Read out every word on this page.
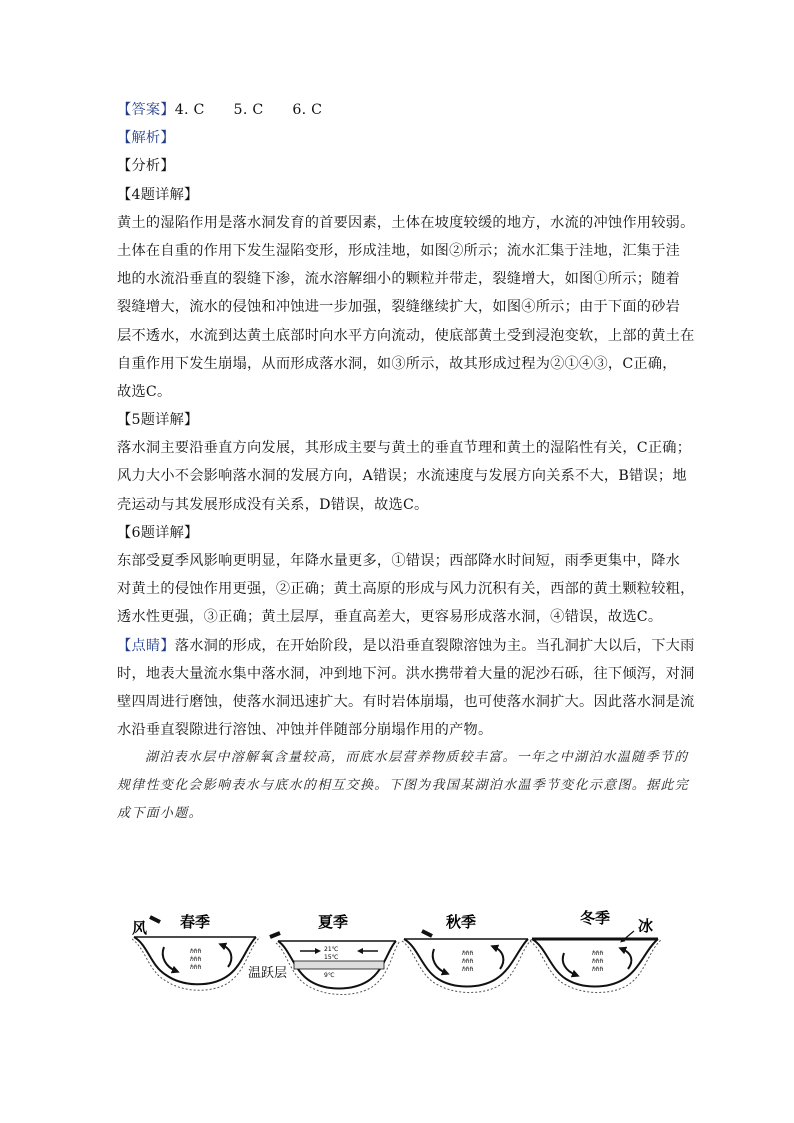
【答案】4. C　　5. C　　6. C
【解析】
【分析】
【4题详解】
黄土的湿陷作用是落水洞发育的首要因素，土体在坡度较缓的地方，水流的冲蚀作用较弱。
土体在自重的作用下发生湿陷变形，形成洼地，如图②所示；流水汇集于洼地，汇集于洼
地的水流沿垂直的裂缝下渗，流水溶解细小的颗粒并带走，裂缝增大，如图①所示；随着
裂缝增大，流水的侵蚀和冲蚀进一步加强，裂缝继续扩大，如图④所示；由于下面的砂岩
层不透水，水流到达黄土底部时向水平方向流动，使底部黄土受到浸泡变软，上部的黄土在
自重作用下发生崩塌，从而形成落水洞，如③所示，故其形成过程为②①④③，C正确，
故选C。
【5题详解】
落水洞主要沿垂直方向发展，其形成主要与黄土的垂直节理和黄土的湿陷性有关，C正确；
风力大小不会影响落水洞的发展方向，A错误；水流速度与发展方向关系不大，B错误；地
壳运动与其发展形成没有关系，D错误，故选C。
【6题详解】
东部受夏季风影响更明显，年降水量更多，①错误；西部降水时间短，雨季更集中，降水
对黄土的侵蚀作用更强，②正确；黄土高原的形成与风力沉积有关，西部的黄土颗粒较粗，
透水性更强，③正确；黄土层厚，垂直高差大，更容易形成落水洞，④错误，故选C。
【点睛】落水洞的形成，在开始阶段，是以沿垂直裂隙溶蚀为主。当孔洞扩大以后，下大雨
时，地表大量流水集中落水洞，冲到地下河。洪水携带着大量的泥沙石砾，往下倾泻，对洞
壁四周进行磨蚀，使落水洞迅速扩大。有时岩体崩塌，也可使落水洞扩大。因此落水洞是流
水沿垂直裂隙进行溶蚀、冲蚀并伴随部分崩塌作用的产物。
湖泊表水层中溶解氧含量较高，而底水层营养物质较丰富。一年之中湖泊水温随季节的
规律性变化会影响表水与底水的相互交换。下图为我国某湖泊水温季节变化示意图。据此完
成下面小题。
风 春季
ℏℏℏ
ℏℏℏ
ℏℏℏ
夏季
21℃
15℃
9℃
温跃层
秋季
ℏℏℏ
ℏℏℏ
ℏℏℏ
冬季 冰
ℏℏℏ
ℏℏℏ
ℏℏℏ
